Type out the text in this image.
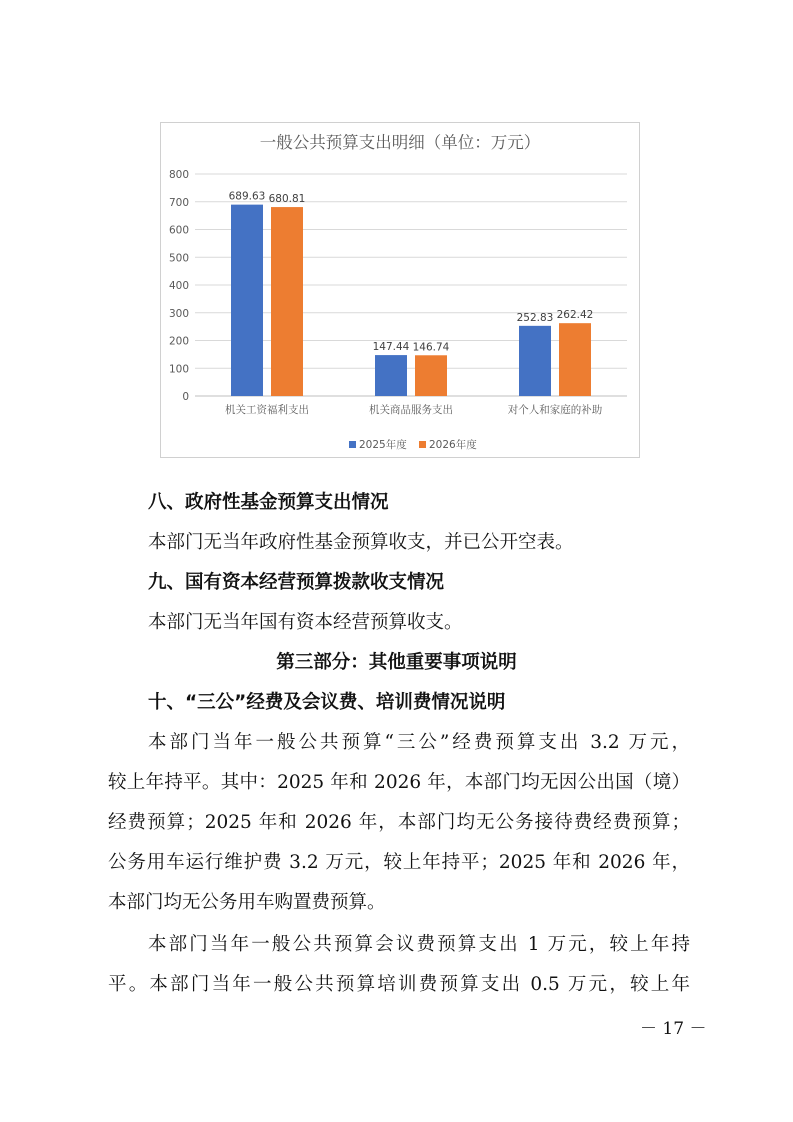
一般公共预算支出明细（单位：万元）
0
100
200
300
400
500
600
700
800
689.63 680.81
机关工资福利支出
147.44 146.74
机关商品服务支出
252.83 262.42
对个人和家庭的补助
2025年度 2026年度
八、政府性基金预算支出情况
本部门无当年政府性基金预算收支，并已公开空表。
九、国有资本经营预算拨款收支情况
本部门无当年国有资本经营预算收支。
第三部分：其他重要事项说明
十、“三公”经费及会议费、培训费情况说明
本部门当年一般公共预算“三公”经费预算支出 3.2 万元，
较上年持平。其中：2025 年和 2026 年，本部门均无因公出国（境）
经费预算；2025 年和 2026 年，本部门均无公务接待费经费预算；
公务用车运行维护费 3.2 万元，较上年持平；2025 年和 2026 年，
本部门均无公务用车购置费预算。
本部门当年一般公共预算会议费预算支出 1 万元，较上年持
平。本部门当年一般公共预算培训费预算支出 0.5 万元，较上年
－ 17 －
